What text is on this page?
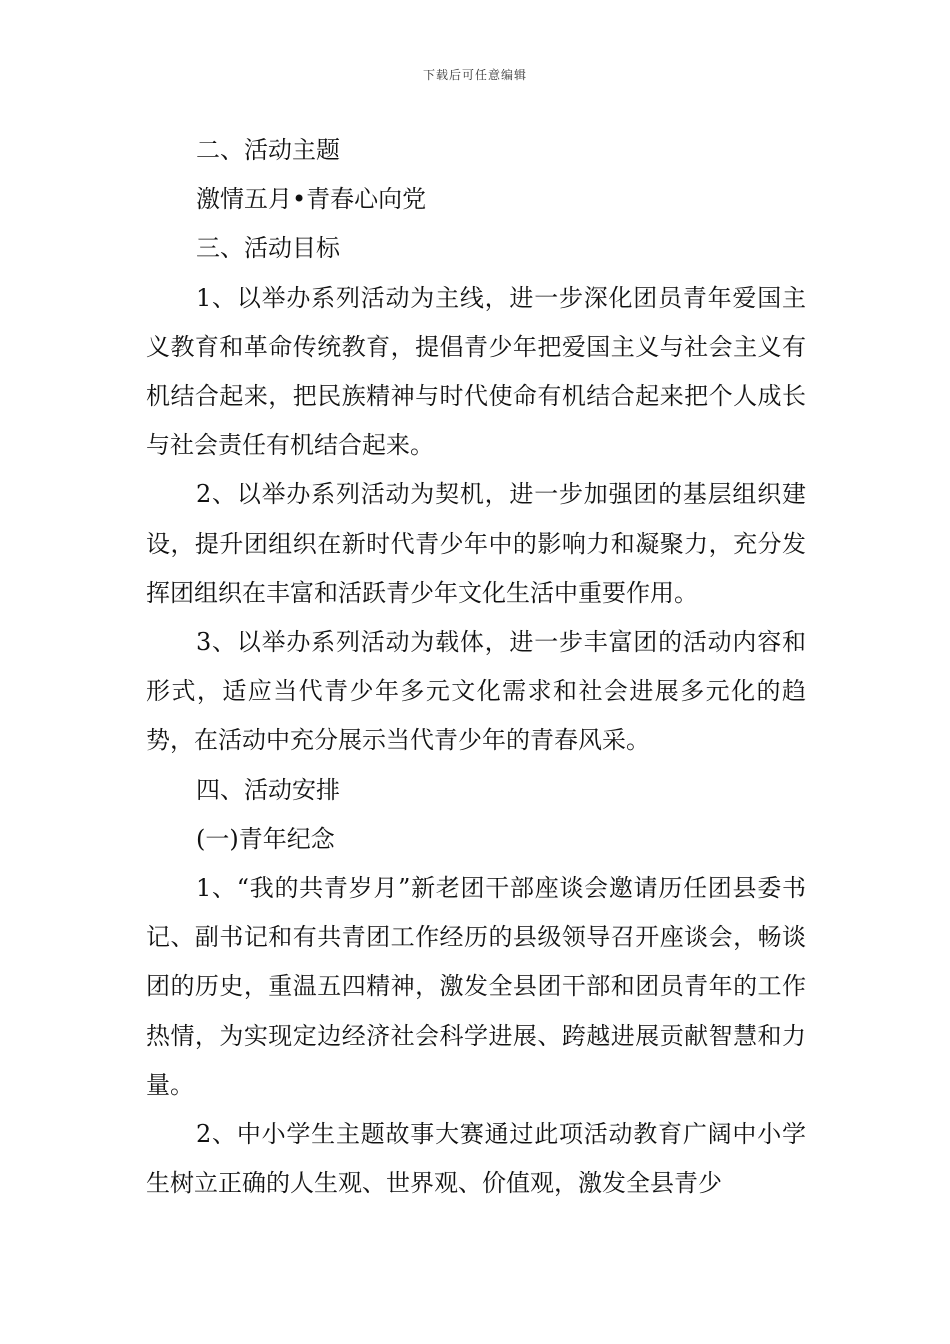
下载后可任意编辑

二、活动主题

激情五月•青春心向党

三、活动目标

1、以举办系列活动为主线，进一步深化团员青年爱国主义教育和革命传统教育，提倡青少年把爱国主义与社会主义有机结合起来，把民族精神与时代使命有机结合起来把个人成长与社会责任有机结合起来。

2、以举办系列活动为契机，进一步加强团的基层组织建设，提升团组织在新时代青少年中的影响力和凝聚力，充分发挥团组织在丰富和活跃青少年文化生活中重要作用。

3、以举办系列活动为载体，进一步丰富团的活动内容和形式，适应当代青少年多元文化需求和社会进展多元化的趋势，在活动中充分展示当代青少年的青春风采。

四、活动安排

(一)青年纪念

1、“我的共青岁月”新老团干部座谈会邀请历任团县委书记、副书记和有共青团工作经历的县级领导召开座谈会，畅谈团的历史，重温五四精神，激发全县团干部和团员青年的工作热情，为实现定边经济社会科学进展、跨越进展贡献智慧和力量。

2、中小学生主题故事大赛通过此项活动教育广阔中小学生树立正确的人生观、世界观、价值观，激发全县青少
